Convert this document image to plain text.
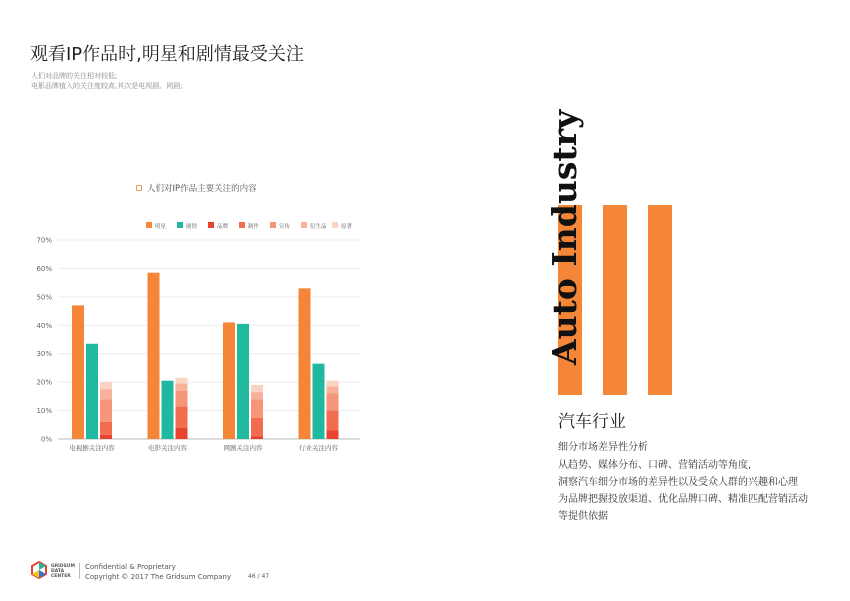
观看IP作品时,明星和剧情最受关注
人们对品牌的关注相对较低;
电影品牌植入的关注度较高,其次是电视剧、网剧;
人们对IP作品主要关注的内容
0%
10%
20%
30%
40%
50%
60%
70%
明星	剧情	品牌	制作	宣传	衍生品	原著
电视剧关注内容	电影关注内容	网剧关注内容	行业关注内容
Auto Industry
汽车行业
细分市场差异性分析
从趋势、媒体分布、口碑、营销活动等角度,
洞察汽车细分市场的差异性以及受众人群的兴趣和心理
为品牌把握投放渠道、优化品牌口碑、精准匹配营销活动
等提供依据
GRIDSUM
DATA
CENTER
Confidential & Proprietary
Copyright © 2017 The Gridsum Company	46 / 47
